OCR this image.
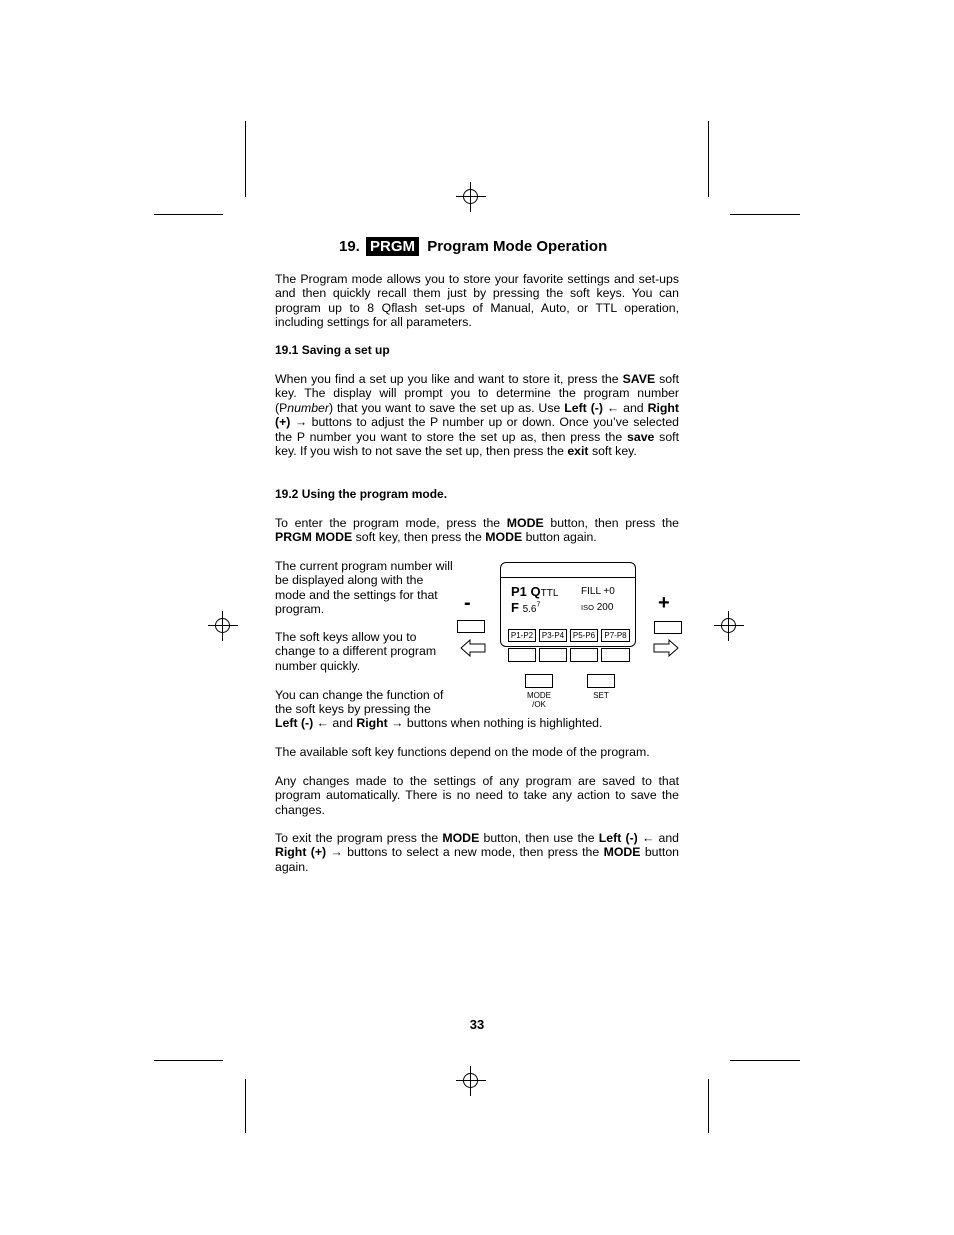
19. PRGM Program Mode Operation
The Program mode allows you to store your favorite settings and set-ups and then quickly recall them just by pressing the soft keys. You can program up to 8 Qflash set-ups of Manual, Auto, or TTL operation, including settings for all parameters.
19.1 Saving a set up
When you find a set up you like and want to store it, press the SAVE soft key. The display will prompt you to determine the program number (Pnumber) that you want to save the set up as. Use Left (-) ← and Right (+) → buttons to adjust the P number up or down. Once you’ve selected the P number you want to store the set up as, then press the save soft key. If you wish to not save the set up, then press the exit soft key.
19.2 Using the program mode.
To enter the program mode, press the MODE button, then press the PRGM MODE soft key, then press the MODE button again.
The current program number will be displayed along with the mode and the settings for that program.
The soft keys allow you to change to a different program number quickly.
You can change the function of the soft keys by pressing the
Left (-) ← and Right → buttons when nothing is highlighted.
-	+
P1 QTTL FILL +0
F $5.6^7$	ISO 200
P1-P2	P3-P4	P5-P6	P7-P8
MODE /OK
SET
The available soft key functions depend on the mode of the program.
Any changes made to the settings of any program are saved to that program automatically. There is no need to take any action to save the changes.
To exit the program press the MODE button, then use the Left (-) ← and Right (+) → buttons to select a new mode, then press the MODE button again.
33
